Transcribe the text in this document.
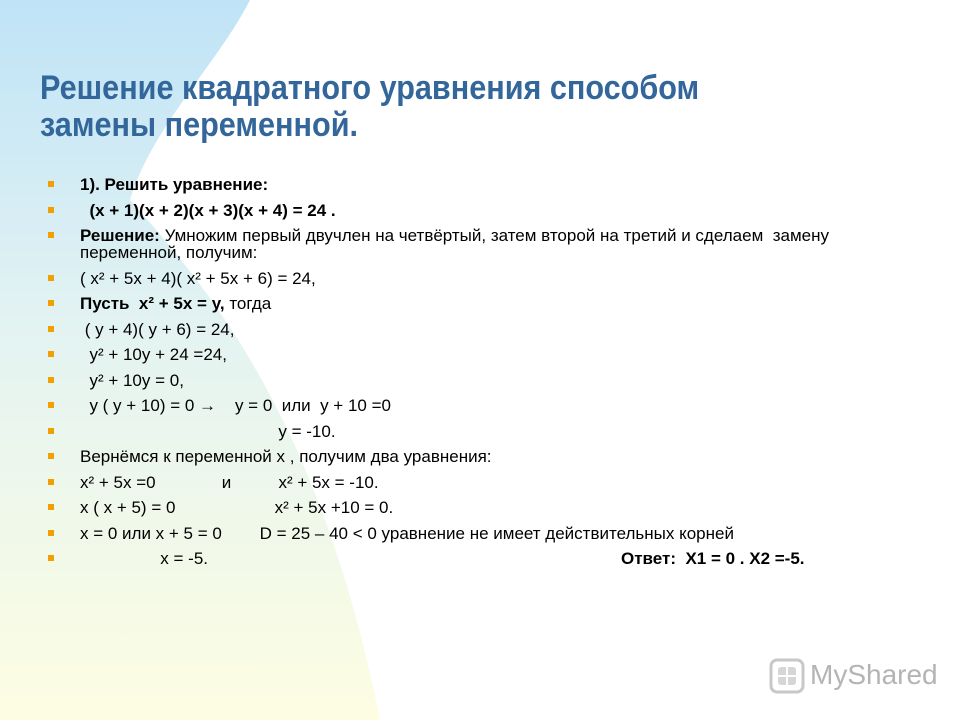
Решение квадратного уравнения способом
замены переменной.
1). Решить уравнение:
(х + 1)(х + 2)(х + 3)(х + 4) = 24 .
Решение: Умножим первый двучлен на четвёртый, затем второй на третий и сделаем  замену переменной, получим:
( х² + 5х + 4)( х² + 5х + 6) = 24,
Пусть  х² + 5х = у, тогда
( у + 4)( у + 6) = 24,
у² + 10у + 24 =24,
у² + 10у = 0,
у ( у + 10) = 0 →    у = 0  или  у + 10 =0
у = -10.
Вернёмся к переменной х , получим два уравнения:
х² + 5х =0              и          х² + 5х = -10.
х ( х + 5) = 0                     х² + 5х +10 = 0.
х = 0 или х + 5 = 0        D = 25 – 40 < 0 уравнение не имеет действительных корней
х = -5.	Ответ:  Х1 = 0 . Х2 =-5.
MyShared
